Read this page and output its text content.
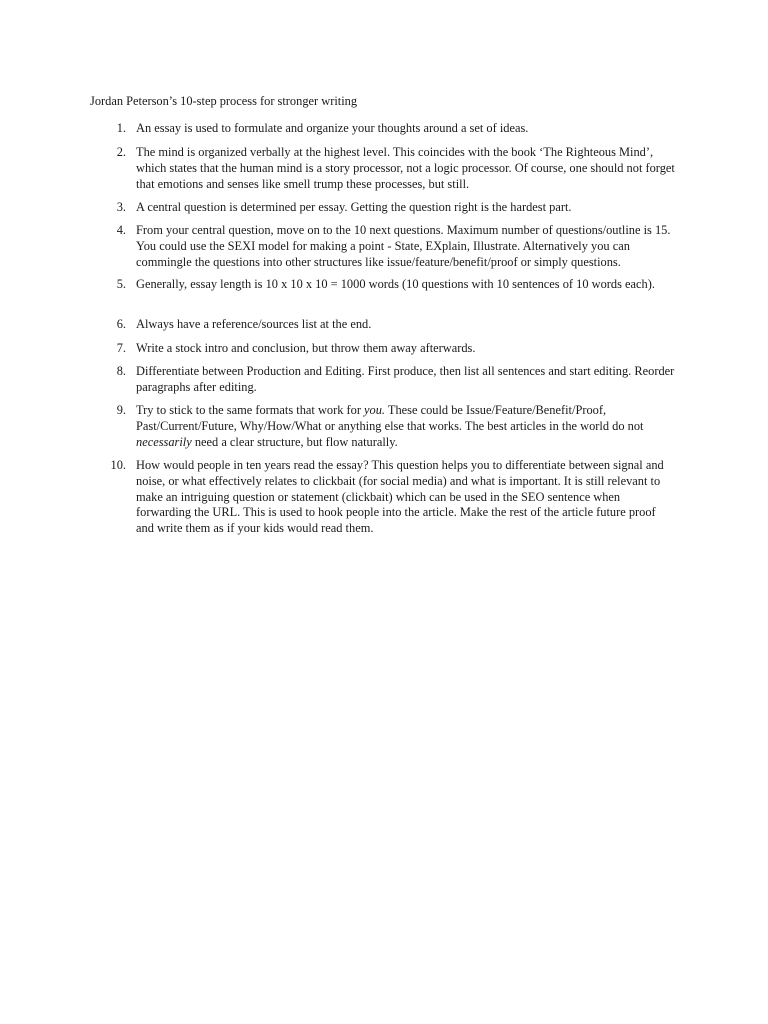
Jordan Peterson’s 10-step process for stronger writing
1. An essay is used to formulate and organize your thoughts around a set of ideas.

2. The mind is organized verbally at the highest level. This coincides with the book ‘The Righteous Mind’, which states that the human mind is a story processor, not a logic processor. Of course, one should not forget that emotions and senses like smell trump these processes, but still.

3. A central question is determined per essay. Getting the question right is the hardest part.

4. From your central question, move on to the 10 next questions. Maximum number of questions/outline is 15. You could use the SEXI model for making a point - State, EXplain, Illustrate. Alternatively you can commingle the questions into other structures like issue/feature/benefit/proof or simply questions.

5. Generally, essay length is 10 x 10 x 10 = 1000 words (10 questions with 10 sentences of 10 words each).

6. Always have a reference/sources list at the end.

7. Write a stock intro and conclusion, but throw them away afterwards.

8. Differentiate between Production and Editing. First produce, then list all sentences and start editing. Reorder paragraphs after editing.

9. Try to stick to the same formats that work for you. These could be Issue/Feature/Benefit/Proof, Past/Current/Future, Why/How/What or anything else that works. The best articles in the world do not necessarily need a clear structure, but flow naturally.

10. How would people in ten years read the essay? This question helps you to differentiate between signal and noise, or what effectively relates to clickbait (for social media) and what is important. It is still relevant to make an intriguing question or statement (clickbait) which can be used in the SEO sentence when forwarding the URL. This is used to hook people into the article. Make the rest of the article future proof and write them as if your kids would read them.
